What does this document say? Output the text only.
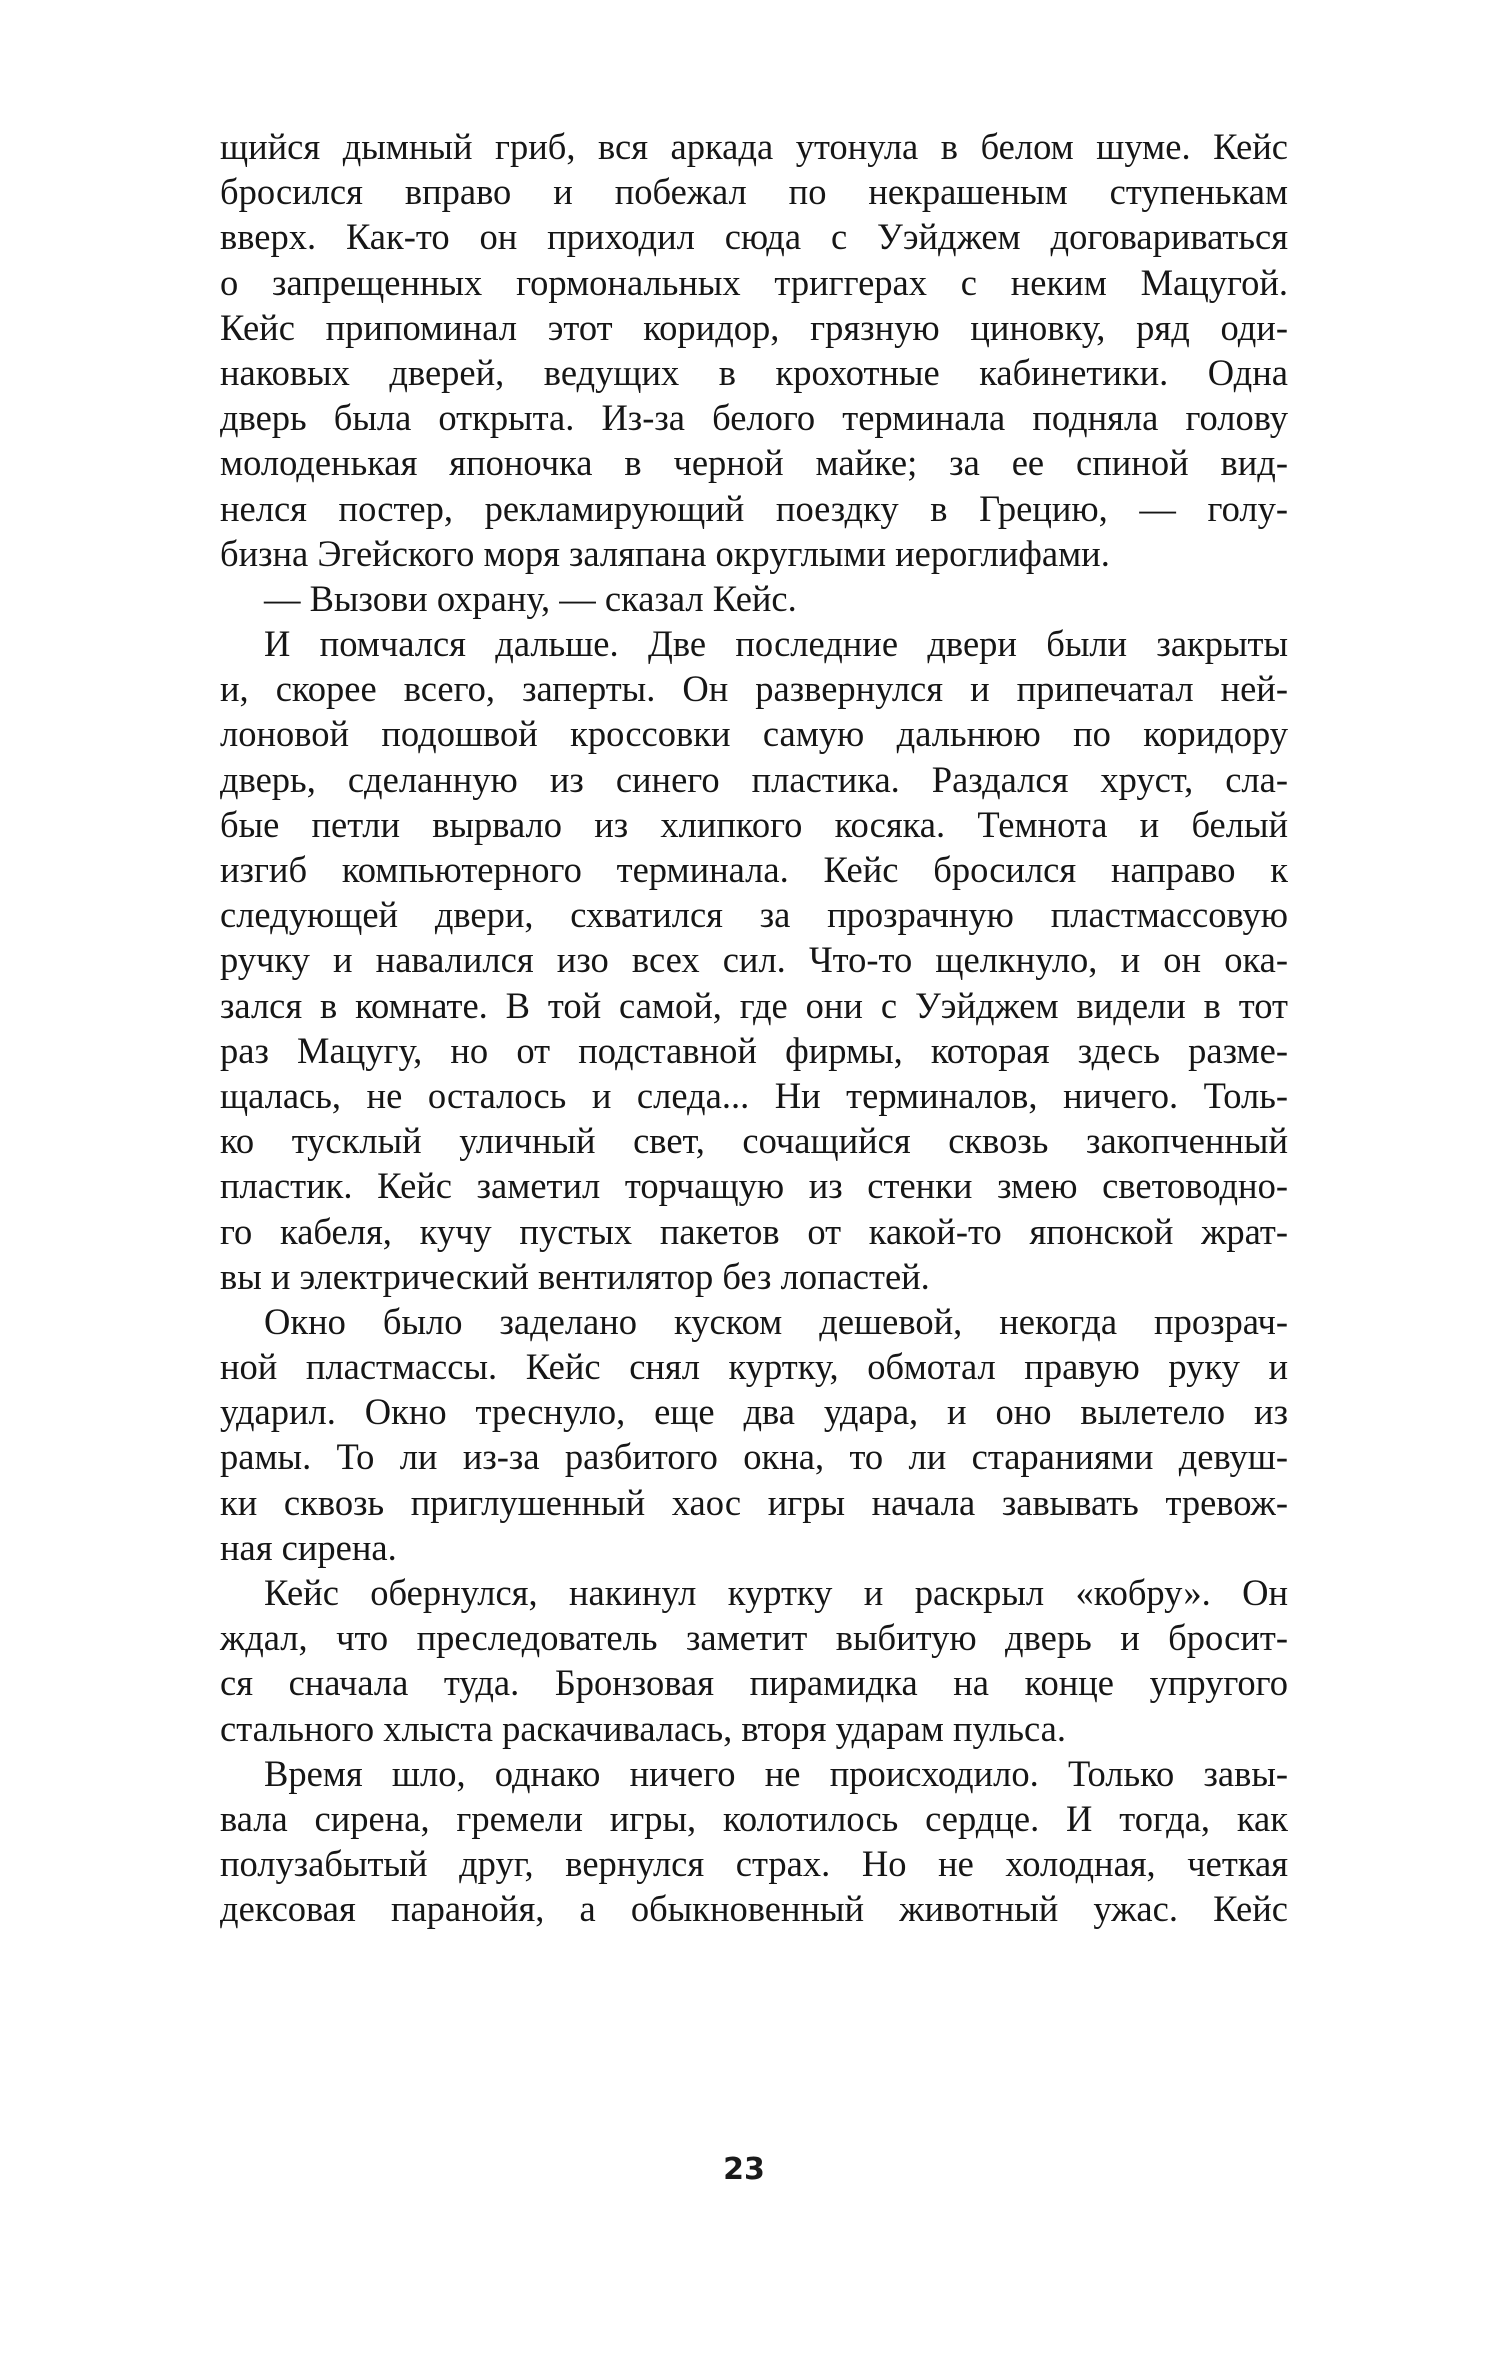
щийся дымный гриб, вся аркада утонула в белом шуме. Кейс
бросился вправо и побежал по некрашеным ступенькам
вверх. Как-то он приходил сюда с Уэйджем договариваться
о запрещенных гормональных триггерах с неким Мацугой.
Кейс припоминал этот коридор, грязную циновку, ряд оди-
наковых дверей, ведущих в крохотные кабинетики. Одна
дверь была открыта. Из-за белого терминала подняла голову
молоденькая японочка в черной майке; за ее спиной вид-
нелся постер, рекламирующий поездку в Грецию, — голу-
бизна Эгейского моря заляпана округлыми иероглифами.
— Вызови охрану, — сказал Кейс.
И помчался дальше. Две последние двери были закрыты
и, скорее всего, заперты. Он развернулся и припечатал ней-
лоновой подошвой кроссовки самую дальнюю по коридору
дверь, сделанную из синего пластика. Раздался хруст, сла-
бые петли вырвало из хлипкого косяка. Темнота и белый
изгиб компьютерного терминала. Кейс бросился направо к
следующей двери, схватился за прозрачную пластмассовую
ручку и навалился изо всех сил. Что-то щелкнуло, и он ока-
зался в комнате. В той самой, где они с Уэйджем видели в тот
раз Мацугу, но от подставной фирмы, которая здесь разме-
щалась, не осталось и следа... Ни терминалов, ничего. Толь-
ко тусклый уличный свет, сочащийся сквозь закопченный
пластик. Кейс заметил торчащую из стенки змею световодно-
го кабеля, кучу пустых пакетов от какой-то японской жрат-
вы и электрический вентилятор без лопастей.
Окно было заделано куском дешевой, некогда прозрач-
ной пластмассы. Кейс снял куртку, обмотал правую руку и
ударил. Окно треснуло, еще два удара, и оно вылетело из
рамы. То ли из-за разбитого окна, то ли стараниями девуш-
ки сквозь приглушенный хаос игры начала завывать тревож-
ная сирена.
Кейс обернулся, накинул куртку и раскрыл «кобру». Он
ждал, что преследователь заметит выбитую дверь и бросит-
ся сначала туда. Бронзовая пирамидка на конце упругого
стального хлыста раскачивалась, вторя ударам пульса.
Время шло, однако ничего не происходило. Только завы-
вала сирена, гремели игры, колотилось сердце. И тогда, как
полузабытый друг, вернулся страх. Но не холодная, четкая
дексовая паранойя, а обыкновенный животный ужас. Кейс
23
